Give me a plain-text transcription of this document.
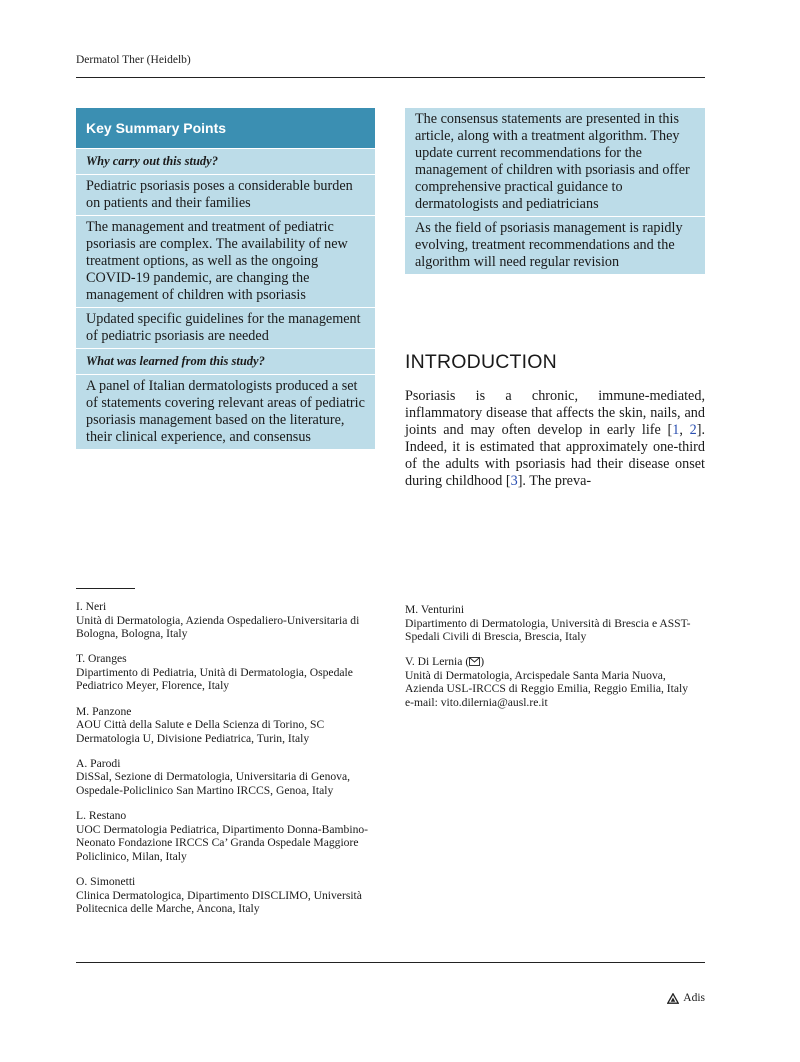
Dermatol Ther (Heidelb)
Key Summary Points
Why carry out this study?
Pediatric psoriasis poses a considerable burden on patients and their families
The management and treatment of pediatric psoriasis are complex. The availability of new treatment options, as well as the ongoing COVID-19 pandemic, are changing the management of children with psoriasis
Updated specific guidelines for the management of pediatric psoriasis are needed
What was learned from this study?
A panel of Italian dermatologists produced a set of statements covering relevant areas of pediatric psoriasis management based on the literature, their clinical experience, and consensus
The consensus statements are presented in this article, along with a treatment algorithm. They update current recommendations for the management of children with psoriasis and offer comprehensive practical guidance to dermatologists and pediatricians
As the field of psoriasis management is rapidly evolving, treatment recommendations and the algorithm will need regular revision
INTRODUCTION
Psoriasis is a chronic, immune-mediated, inflammatory disease that affects the skin, nails, and joints and may often develop in early life [1, 2]. Indeed, it is estimated that approximately one-third of the adults with psoriasis had their disease onset during childhood [3]. The preva-
I. Neri
Unità di Dermatologia, Azienda Ospedaliero-Universitaria di Bologna, Bologna, Italy
T. Oranges
Dipartimento di Pediatria, Unità di Dermatologia, Ospedale Pediatrico Meyer, Florence, Italy
M. Panzone
AOU Città della Salute e Della Scienza di Torino, SC Dermatologia U, Divisione Pediatrica, Turin, Italy
A. Parodi
DiSSal, Sezione di Dermatologia, Universitaria di Genova, Ospedale-Policlinico San Martino IRCCS, Genoa, Italy
L. Restano
UOC Dermatologia Pediatrica, Dipartimento Donna-Bambino-Neonato Fondazione IRCCS Ca’ Granda Ospedale Maggiore Policlinico, Milan, Italy
O. Simonetti
Clinica Dermatologica, Dipartimento DISCLIMO, Università Politecnica delle Marche, Ancona, Italy
M. Venturini
Dipartimento di Dermatologia, Università di Brescia e ASST-Spedali Civili di Brescia, Brescia, Italy
V. Di Lernia ( )
Unità di Dermatologia, Arcispedale Santa Maria Nuova, Azienda USL-IRCCS di Reggio Emilia, Reggio Emilia, Italy
e-mail: vito.dilernia@ausl.re.it
Adis
